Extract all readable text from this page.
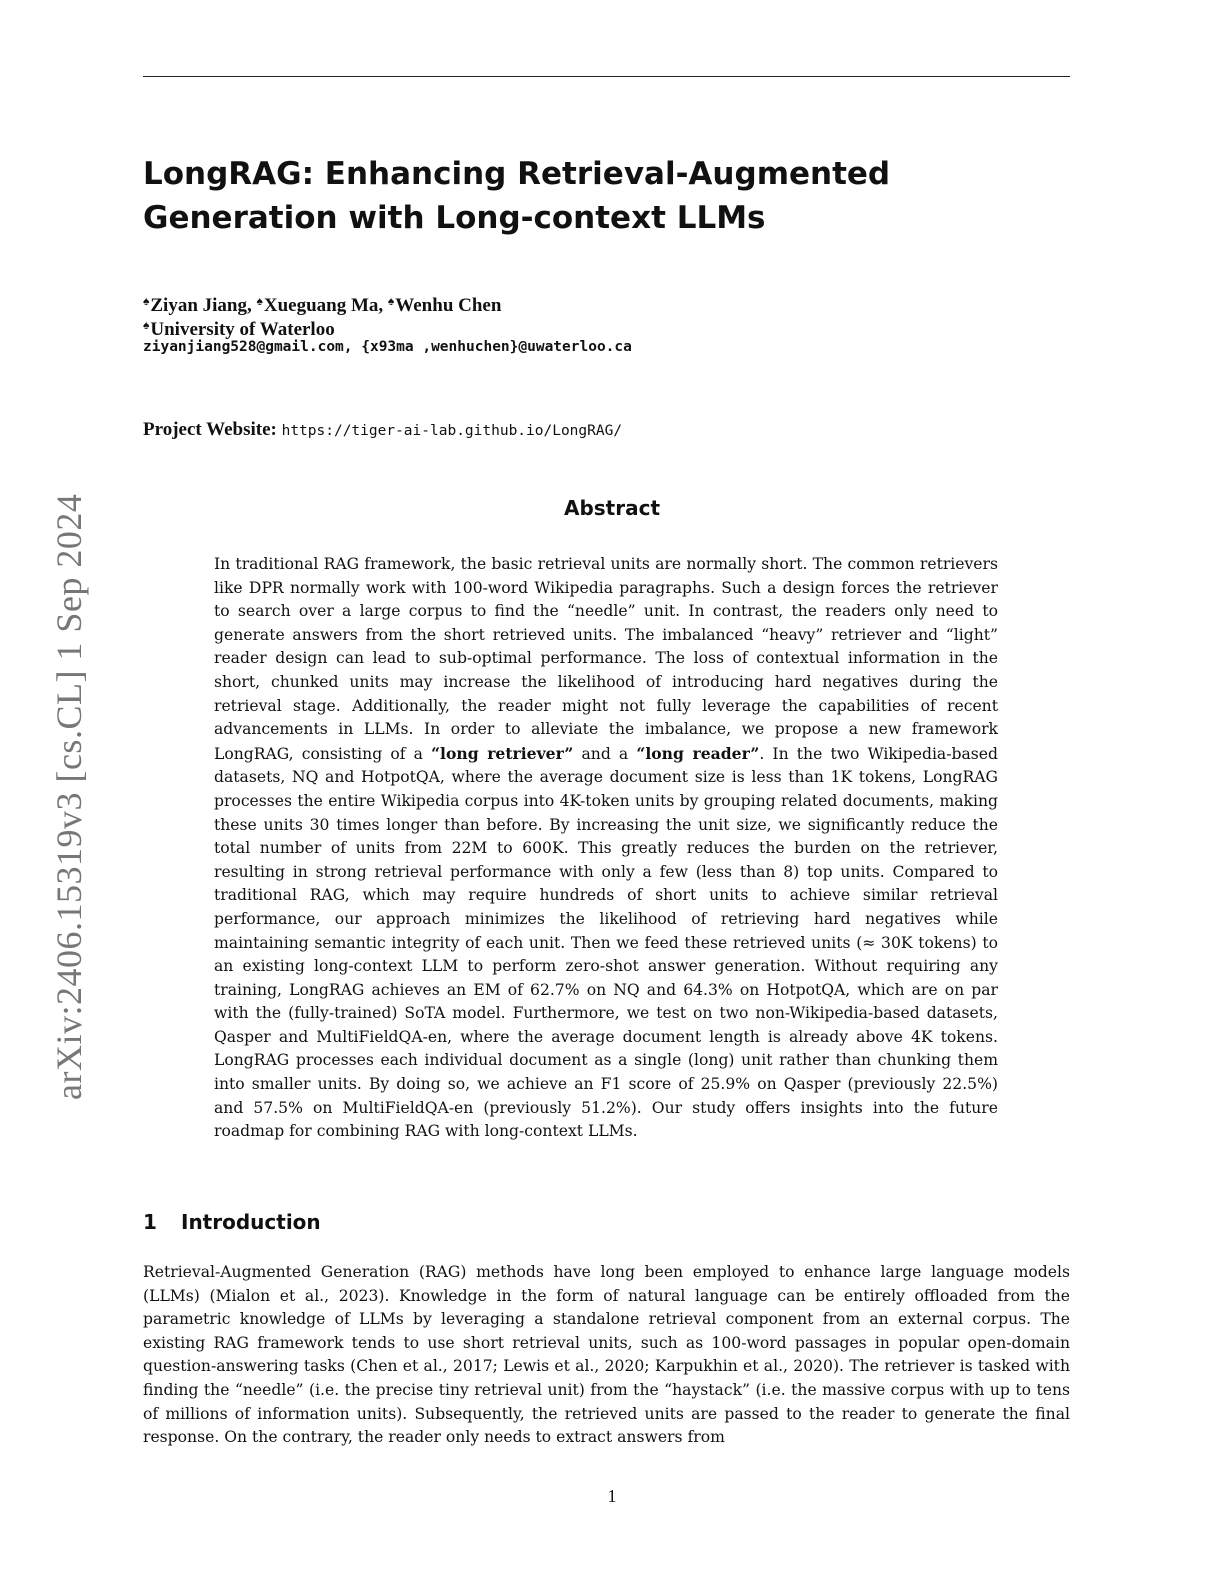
arXiv:2406.15319v3 [cs.CL] 1 Sep 2024
LongRAG: Enhancing Retrieval-Augmented Generation with Long-context LLMs
♠Ziyan Jiang, ♠Xueguang Ma, ♠Wenhu Chen
♠University of Waterloo
ziyanjiang528@gmail.com, {x93ma ,wenhuchen}@uwaterloo.ca
Project Website: https://tiger-ai-lab.github.io/LongRAG/
Abstract
In traditional RAG framework, the basic retrieval units are normally short. The common retrievers like DPR normally work with 100-word Wikipedia paragraphs. Such a design forces the retriever to search over a large corpus to find the “needle” unit. In contrast, the readers only need to generate answers from the short retrieved units. The imbalanced “heavy” retriever and “light” reader design can lead to sub-optimal performance. The loss of contextual information in the short, chunked units may increase the likelihood of introducing hard negatives during the retrieval stage. Additionally, the reader might not fully leverage the capabilities of recent advancements in LLMs. In order to alleviate the imbalance, we propose a new framework LongRAG, consisting of a “long retriever” and a “long reader”. In the two Wikipedia-based datasets, NQ and HotpotQA, where the average document size is less than 1K tokens, LongRAG processes the entire Wikipedia corpus into 4K-token units by grouping related documents, making these units 30 times longer than before. By increasing the unit size, we significantly reduce the total number of units from 22M to 600K. This greatly reduces the burden on the retriever, resulting in strong retrieval performance with only a few (less than 8) top units. Compared to traditional RAG, which may require hundreds of short units to achieve similar retrieval performance, our approach minimizes the likelihood of retrieving hard negatives while maintaining semantic integrity of each unit. Then we feed these retrieved units (≈ 30K tokens) to an existing long-context LLM to perform zero-shot answer generation. Without requiring any training, LongRAG achieves an EM of 62.7% on NQ and 64.3% on HotpotQA, which are on par with the (fully-trained) SoTA model. Furthermore, we test on two non-Wikipedia-based datasets, Qasper and MultiFieldQA-en, where the average document length is already above 4K tokens. LongRAG processes each individual document as a single (long) unit rather than chunking them into smaller units. By doing so, we achieve an F1 score of 25.9% on Qasper (previously 22.5%) and 57.5% on MultiFieldQA-en (previously 51.2%). Our study offers insights into the future roadmap for combining RAG with long-context LLMs.
1 Introduction
Retrieval-Augmented Generation (RAG) methods have long been employed to enhance large language models (LLMs) (Mialon et al., 2023). Knowledge in the form of natural language can be entirely offloaded from the parametric knowledge of LLMs by leveraging a standalone retrieval component from an external corpus. The existing RAG framework tends to use short retrieval units, such as 100-word passages in popular open-domain question-answering tasks (Chen et al., 2017; Lewis et al., 2020; Karpukhin et al., 2020). The retriever is tasked with finding the “needle” (i.e. the precise tiny retrieval unit) from the “haystack” (i.e. the massive corpus with up to tens of millions of information units). Subsequently, the retrieved units are passed to the reader to generate the final response. On the contrary, the reader only needs to extract answers from
1
